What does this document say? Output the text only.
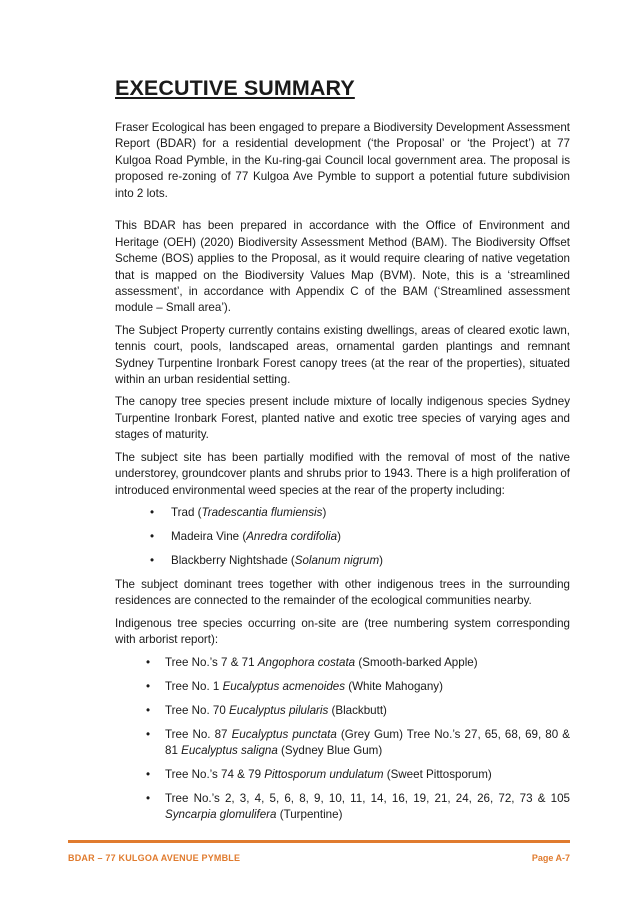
EXECUTIVE SUMMARY

Fraser Ecological has been engaged to prepare a Biodiversity Development Assessment Report (BDAR) for a residential development (‘the Proposal’ or ‘the Project’) at 77 Kulgoa Road Pymble, in the Ku-ring-gai Council local government area. The proposal is proposed re-zoning of 77 Kulgoa Ave Pymble to support a potential future subdivision into 2 lots.

This BDAR has been prepared in accordance with the Office of Environment and Heritage (OEH) (2020) Biodiversity Assessment Method (BAM). The Biodiversity Offset Scheme (BOS) applies to the Proposal, as it would require clearing of native vegetation that is mapped on the Biodiversity Values Map (BVM). Note, this is a ‘streamlined assessment’, in accordance with Appendix C of the BAM (‘Streamlined assessment module – Small area’).

The Subject Property currently contains existing dwellings, areas of cleared exotic lawn, tennis court, pools, landscaped areas, ornamental garden plantings and remnant Sydney Turpentine Ironbark Forest canopy trees (at the rear of the properties), situated within an urban residential setting.

The canopy tree species present include mixture of locally indigenous species Sydney Turpentine Ironbark Forest, planted native and exotic tree species of varying ages and stages of maturity.

The subject site has been partially modified with the removal of most of the native understorey, groundcover plants and shrubs prior to 1943. There is a high proliferation of introduced environmental weed species at the rear of the property including:

• Trad (Tradescantia flumiensis)
• Madeira Vine (Anredra cordifolia)
• Blackberry Nightshade (Solanum nigrum)

The subject dominant trees together with other indigenous trees in the surrounding residences are connected to the remainder of the ecological communities nearby.

Indigenous tree species occurring on-site are (tree numbering system corresponding with arborist report):

• Tree No.’s 7 & 71 Angophora costata (Smooth-barked Apple)
• Tree No. 1 Eucalyptus acmenoides (White Mahogany)
• Tree No. 70 Eucalyptus pilularis (Blackbutt)
• Tree No. 87 Eucalyptus punctata (Grey Gum) Tree No.’s 27, 65, 68, 69, 80 & 81 Eucalyptus saligna (Sydney Blue Gum)
• Tree No.’s 74 & 79 Pittosporum undulatum (Sweet Pittosporum)
• Tree No.’s 2, 3, 4, 5, 6, 8, 9, 10, 11, 14, 16, 19, 21, 24, 26, 72, 73 & 105 Syncarpia glomulifera (Turpentine)
BDAR – 77 KULGOA AVENUE PYMBLE	Page A-7
